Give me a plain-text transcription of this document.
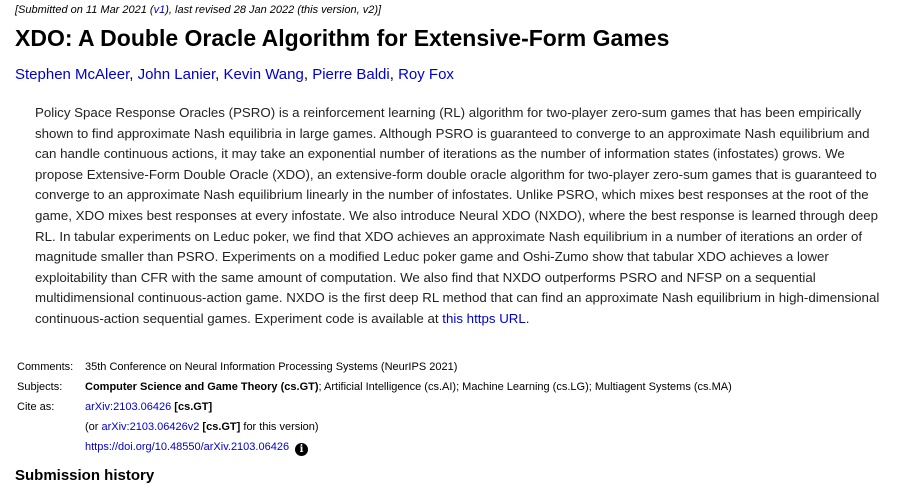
[Submitted on 11 Mar 2021 (v1), last revised 28 Jan 2022 (this version, v2)]
XDO: A Double Oracle Algorithm for Extensive-Form Games
Stephen McAleer, John Lanier, Kevin Wang, Pierre Baldi, Roy Fox

Policy Space Response Oracles (PSRO) is a reinforcement learning (RL) algorithm for two-player zero-sum games that has been empirically shown to find approximate Nash equilibria in large games. Although PSRO is guaranteed to converge to an approximate Nash equilibrium and can handle continuous actions, it may take an exponential number of iterations as the number of information states (infostates) grows. We propose Extensive-Form Double Oracle (XDO), an extensive-form double oracle algorithm for two-player zero-sum games that is guaranteed to converge to an approximate Nash equilibrium linearly in the number of infostates. Unlike PSRO, which mixes best responses at the root of the game, XDO mixes best responses at every infostate. We also introduce Neural XDO (NXDO), where the best response is learned through deep RL. In tabular experiments on Leduc poker, we find that XDO achieves an approximate Nash equilibrium in a number of iterations an order of magnitude smaller than PSRO. Experiments on a modified Leduc poker game and Oshi-Zumo show that tabular XDO achieves a lower exploitability than CFR with the same amount of computation. We also find that NXDO outperforms PSRO and NFSP on a sequential multidimensional continuous-action game. NXDO is the first deep RL method that can find an approximate Nash equilibrium in high-dimensional continuous-action sequential games. Experiment code is available at this https URL.

Comments:	35th Conference on Neural Information Processing Systems (NeurIPS 2021)
Subjects:	Computer Science and Game Theory (cs.GT); Artificial Intelligence (cs.AI); Machine Learning (cs.LG); Multiagent Systems (cs.MA)
Cite as:	arXiv:2103.06426 [cs.GT]
	(or arXiv:2103.06426v2 [cs.GT] for this version)
	https://doi.org/10.48550/arXiv.2103.06426 i
Submission history
